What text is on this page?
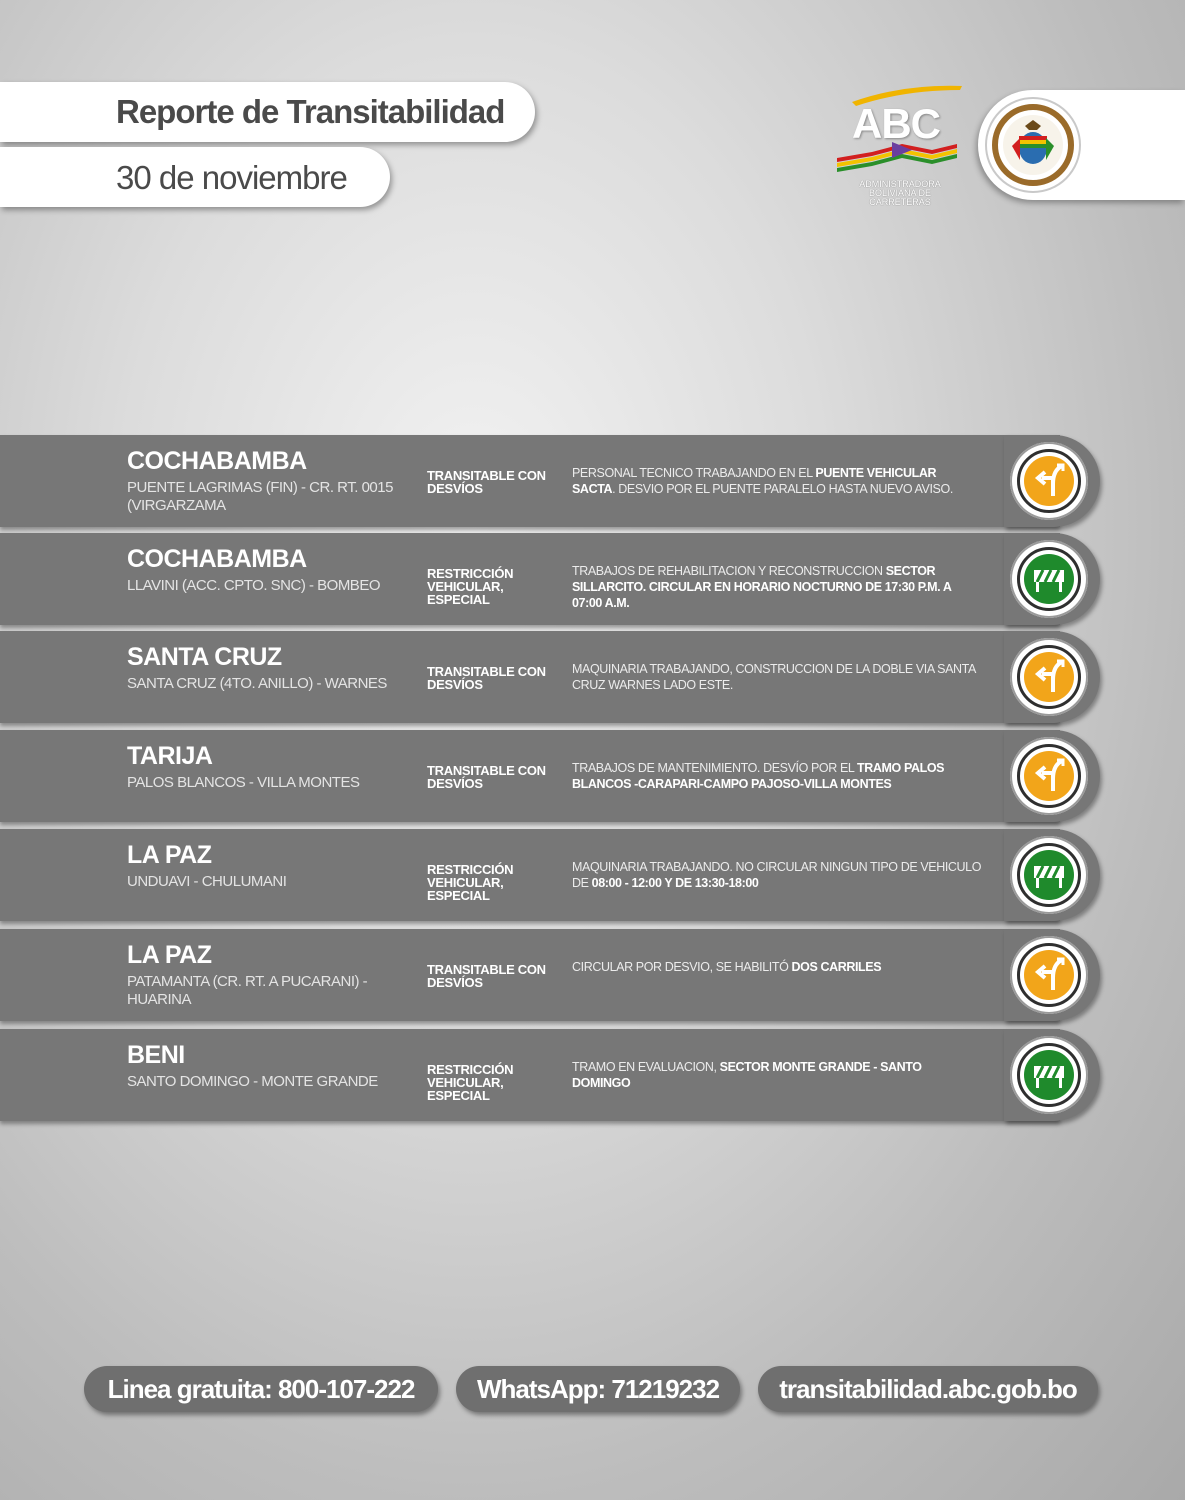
Reporte de Transitabilidad
30 de noviembre
ABC
ADMINISTRADORA BOLIVIANA DE CARRETERAS
COCHABAMBA
PUENTE LAGRIMAS (FIN) - CR. RT. 0015 (VIRGARZAMA
TRANSITABLE CON DESVÍOS
PERSONAL TECNICO TRABAJANDO EN EL PUENTE VEHICULAR SACTA. DESVIO POR EL PUENTE PARALELO HASTA NUEVO AVISO.
COCHABAMBA
LLAVINI (ACC. CPTO. SNC) - BOMBEO
RESTRICCIÓN VEHICULAR, ESPECIAL
TRABAJOS DE REHABILITACION Y RECONSTRUCCION SECTOR SILLARCITO. CIRCULAR EN HORARIO NOCTURNO DE 17:30 P.M. A 07:00 A.M.
SANTA CRUZ
SANTA CRUZ (4TO. ANILLO) - WARNES
TRANSITABLE CON DESVÍOS
MAQUINARIA TRABAJANDO, CONSTRUCCION DE LA DOBLE VIA SANTA CRUZ WARNES LADO ESTE.
TARIJA
PALOS BLANCOS - VILLA MONTES
TRANSITABLE CON DESVÍOS
TRABAJOS DE MANTENIMIENTO. DESVÍO POR EL TRAMO PALOS BLANCOS -CARAPARI-CAMPO PAJOSO-VILLA MONTES
LA PAZ
UNDUAVI - CHULUMANI
RESTRICCIÓN VEHICULAR, ESPECIAL
MAQUINARIA TRABAJANDO. NO CIRCULAR NINGUN TIPO DE VEHICULO DE 08:00 - 12:00 Y DE 13:30-18:00
LA PAZ
PATAMANTA (CR. RT. A PUCARANI) - HUARINA
TRANSITABLE CON DESVÍOS
CIRCULAR POR DESVIO, SE HABILITÓ DOS CARRILES
BENI
SANTO DOMINGO - MONTE GRANDE
RESTRICCIÓN VEHICULAR, ESPECIAL
TRAMO EN EVALUACION, SECTOR MONTE GRANDE - SANTO DOMINGO
Linea gratuita: 800-107-222	WhatsApp: 71219232	transitabilidad.abc.gob.bo
